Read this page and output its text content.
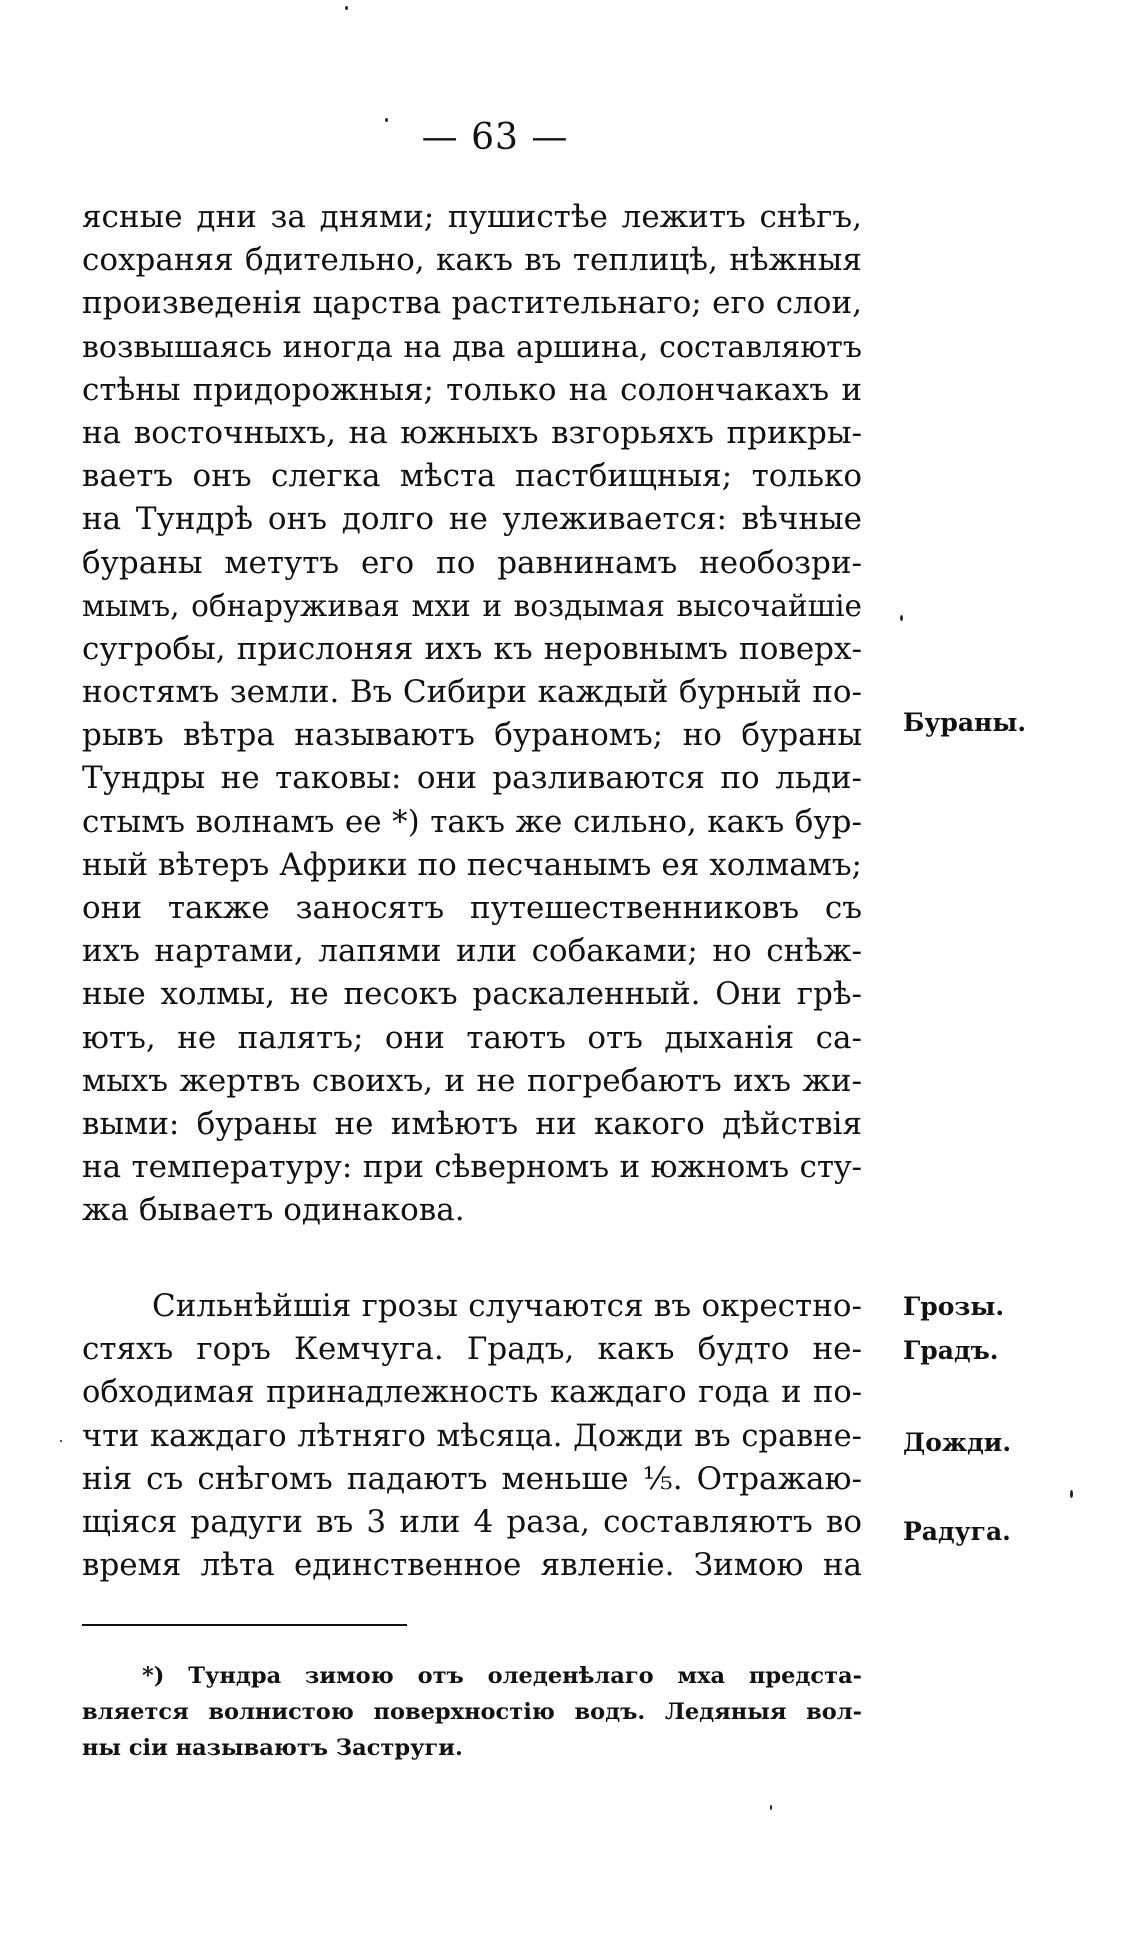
— 63 —
ясные дни за днями; пушистѣе лежитъ снѣгъ,
сохраняя бдительно, какъ въ теплицѣ, нѣжныя
произведенія царства растительнаго; его слои,
возвышаясь иногда на два аршина, составляютъ
стѣны придорожныя; только на солончакахъ и
на восточныхъ, на южныхъ взгорьяхъ прикры-
ваетъ онъ слегка мѣста пастбищныя; только
на Тундрѣ онъ долго не улеживается: вѣчные
бураны метутъ его по равнинамъ необозри-
мымъ, обнаруживая мхи и воздымая высочайшіе
сугробы, прислоняя ихъ къ неровнымъ поверх-
ностямъ земли. Въ Сибири каждый бурный по-
рывъ вѣтра называютъ бураномъ; но бураны
Тундры не таковы: они разливаются по льди-
стымъ волнамъ ее *) такъ же сильно, какъ бур-
ный вѣтеръ Африки по песчанымъ ея холмамъ;
они также заносятъ путешественниковъ съ
ихъ нартами, лапями или собаками; но снѣж-
ные холмы, не песокъ раскаленный. Они грѣ-
ютъ, не палятъ; они таютъ отъ дыханія са-
мыхъ жертвъ своихъ, и не погребаютъ ихъ жи-
выми: бураны не имѣютъ ни какого дѣйствія
на температуру: при сѣверномъ и южномъ стy-
жа бываетъ одинакова.
Бураны.
Сильнѣйшія грозы случаются въ окрестно-
стяхъ горъ Кемчуга. Градъ, какъ будто не-
обходимая принадлежность каждаго года и по-
чти каждаго лѣтняго мѣсяца. Дожди въ сравне-
нія съ снѣгомъ падаютъ меньше ⅕. Отражаю-
щіяся радуги въ 3 или 4 раза, составляютъ во
время лѣта единственное явленіе. Зимою на
Грозы.
Градъ.
Дожди.
Радуга.
*) Тундра зимою отъ оледенѣлаго мха предста-
вляется волнистою поверхностію водъ. Ледяныя вол-
ны сіи называютъ Заструги.
